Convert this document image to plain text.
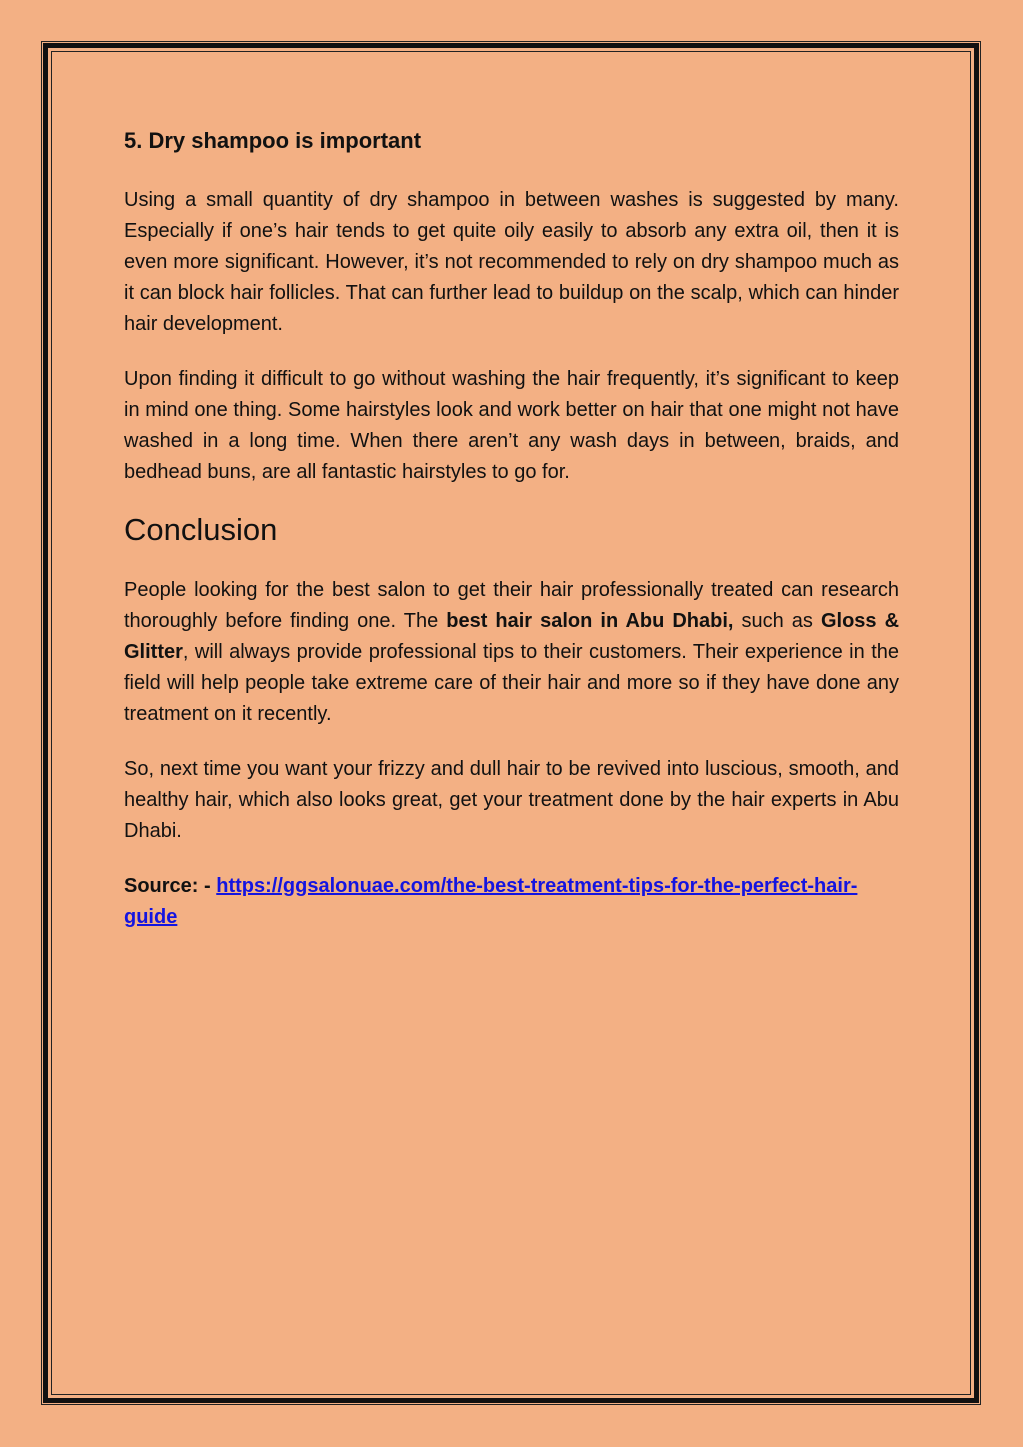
5. Dry shampoo is important

Using a small quantity of dry shampoo in between washes is suggested by many. Especially if one’s hair tends to get quite oily easily to absorb any extra oil, then it is even more significant. However, it’s not recommended to rely on dry shampoo much as it can block hair follicles. That can further lead to buildup on the scalp, which can hinder hair development.

Upon finding it difficult to go without washing the hair frequently, it’s significant to keep in mind one thing. Some hairstyles look and work better on hair that one might not have washed in a long time. When there aren’t any wash days in between, braids, and bedhead buns, are all fantastic hairstyles to go for.

Conclusion

People looking for the best salon to get their hair professionally treated can research thoroughly before finding one. The best hair salon in Abu Dhabi, such as Gloss & Glitter, will always provide professional tips to their customers. Their experience in the field will help people take extreme care of their hair and more so if they have done any treatment on it recently.

So, next time you want your frizzy and dull hair to be revived into luscious, smooth, and healthy hair, which also looks great, get your treatment done by the hair experts in Abu Dhabi.

Source: - https://ggsalonuae.com/the-best-treatment-tips-for-the-perfect-hair-guide
